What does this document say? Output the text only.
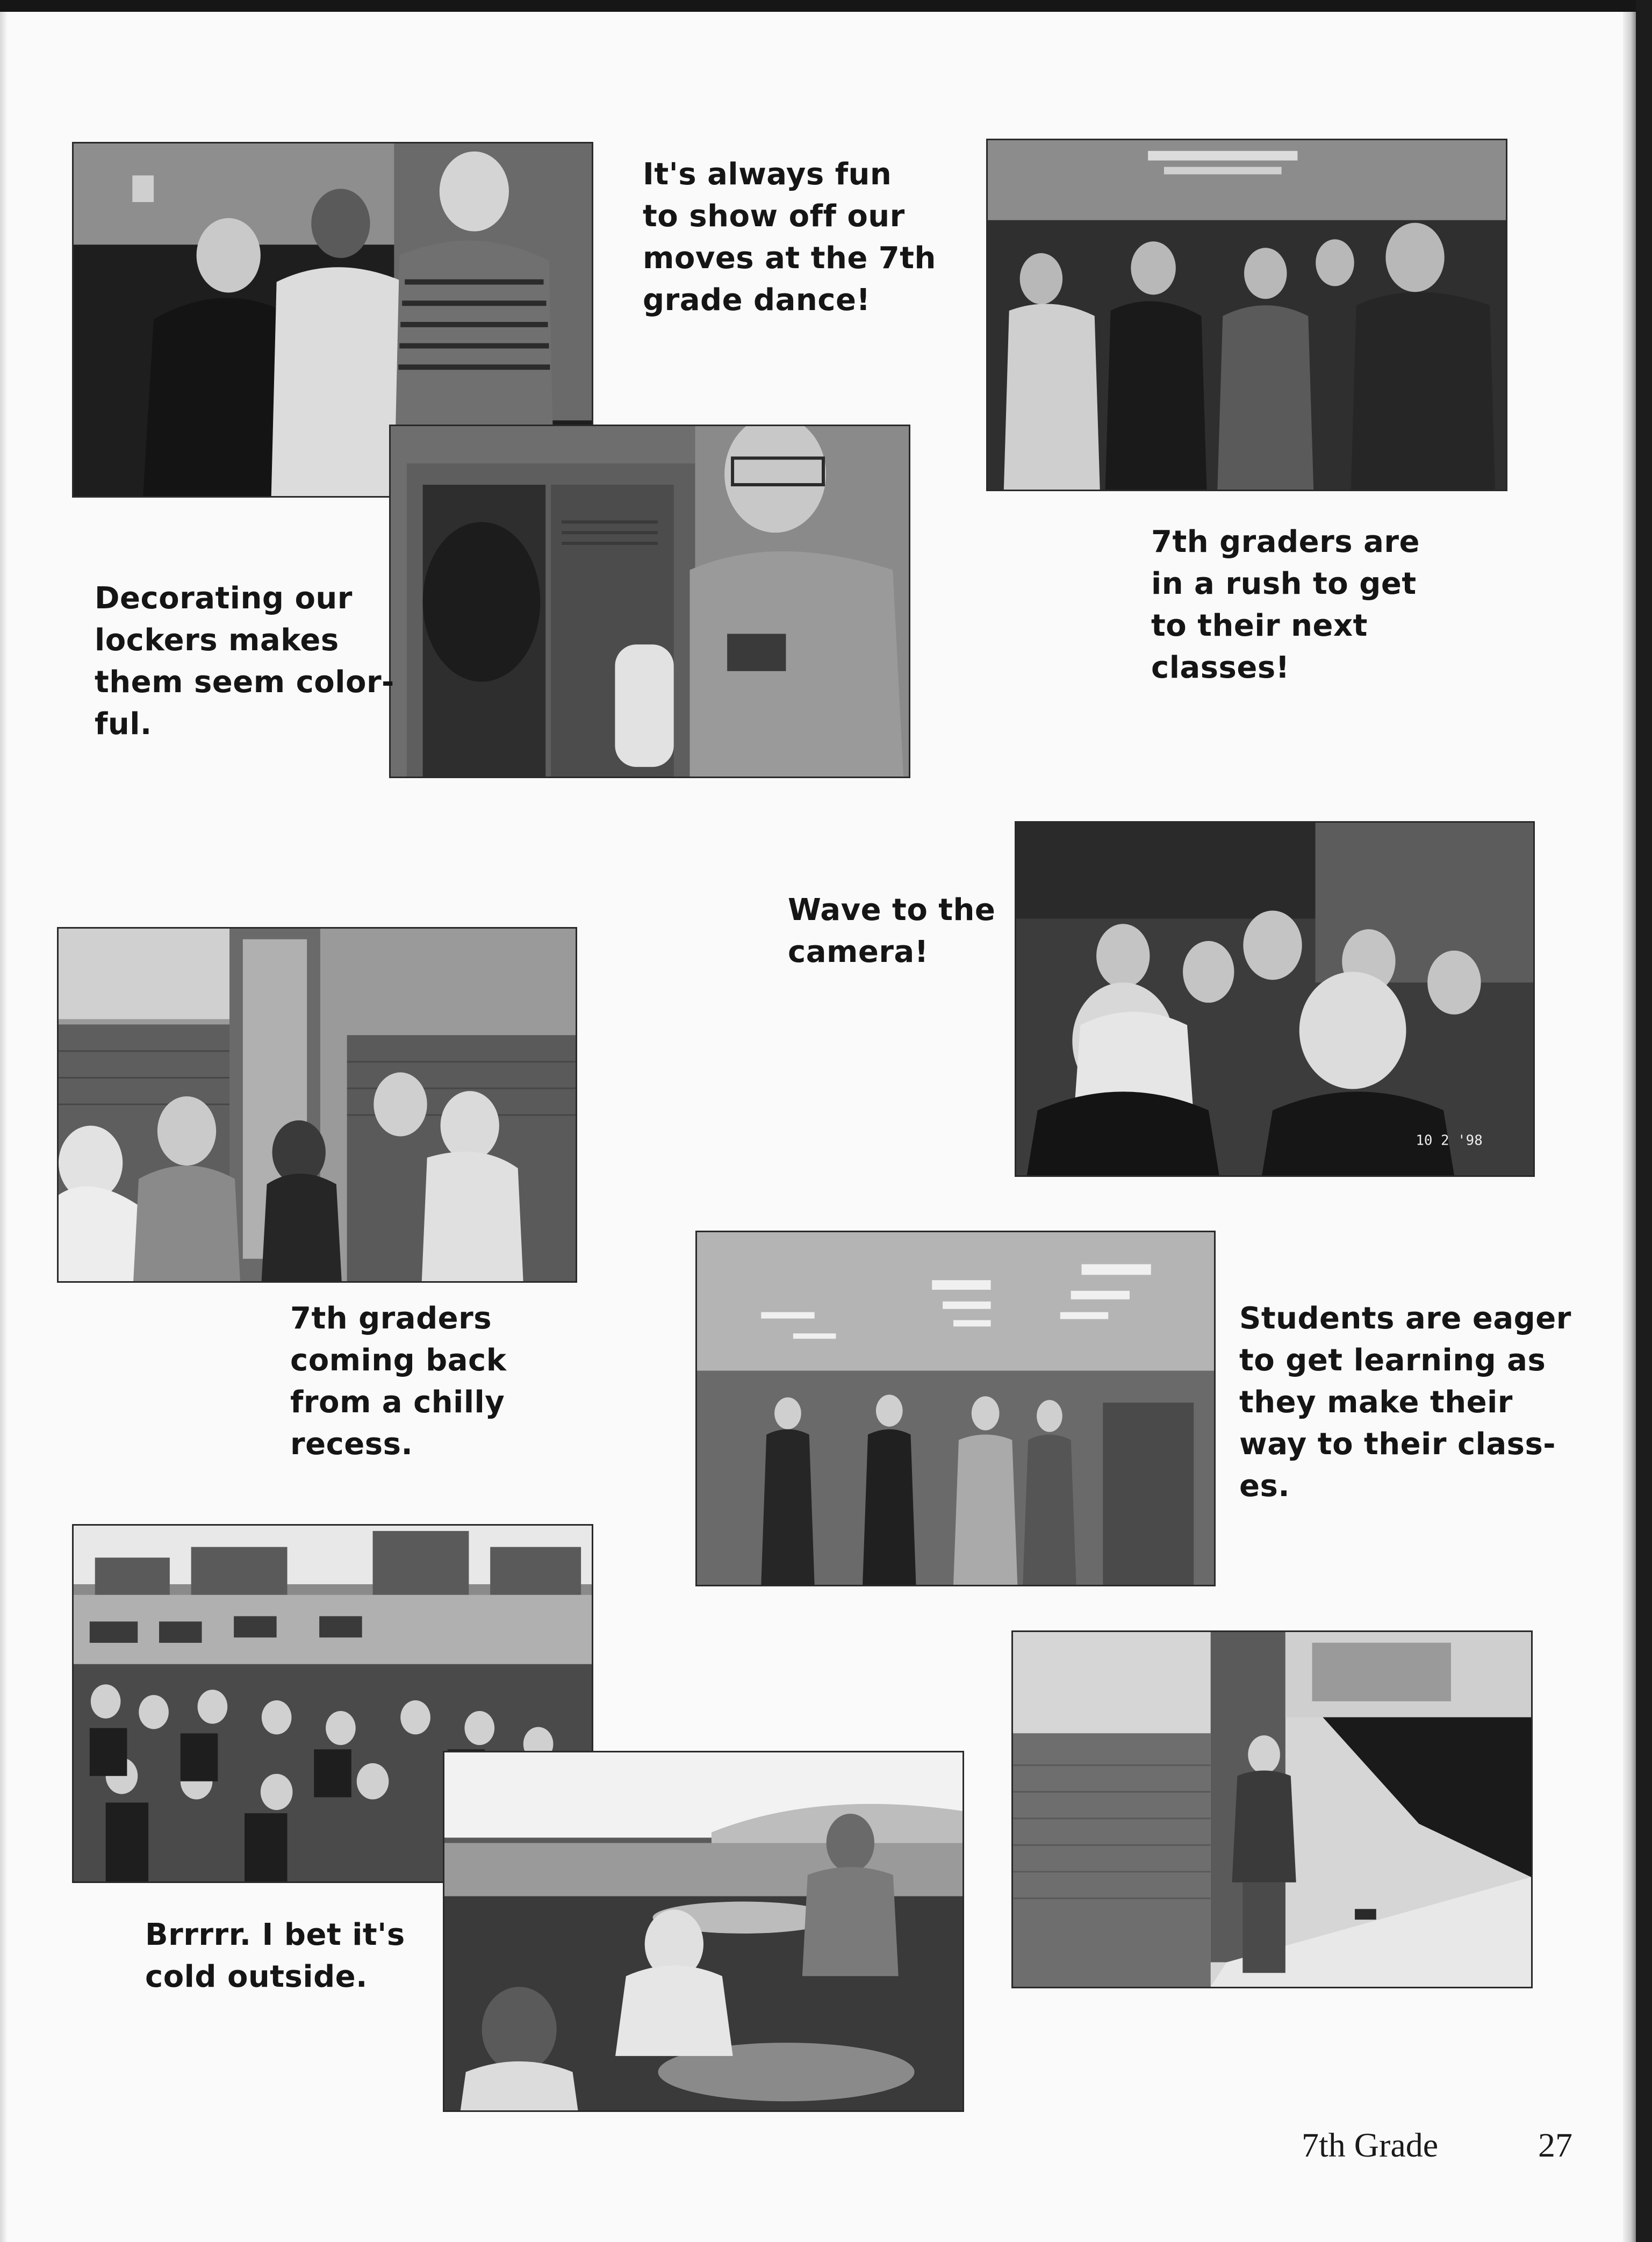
10 2 '98

It's always fun
to show off our
moves at the 7th
grade dance!

7th graders are
in a rush to get
to their next
classes!

Decorating our
lockers makes
them seem color-
ful.

Wave to the
camera!

7th graders
coming back
from a chilly
recess.

Students are eager
to get learning as
they make their
way to their class-
es.

Brrrrr. I bet it's
cold outside.

7th Grade	27
